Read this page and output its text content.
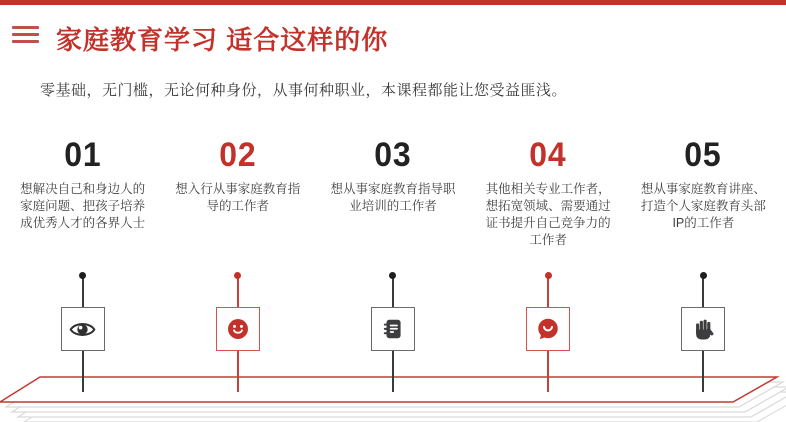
家庭教育学习 适合这样的你
零基础，无门槛，无论何种身份，从事何种职业，本课程都能让您受益匪浅。
01
想解决自己和身边人的家庭问题、把孩子培养成优秀人才的各界人士
02
想入行从事家庭教育指导的工作者
03
想从事家庭教育指导职业培训的工作者
04
其他相关专业工作者，想拓宽领域、需要通过证书提升自己竞争力的工作者
05
想从事家庭教育讲座、打造个人家庭教育头部IP的工作者
